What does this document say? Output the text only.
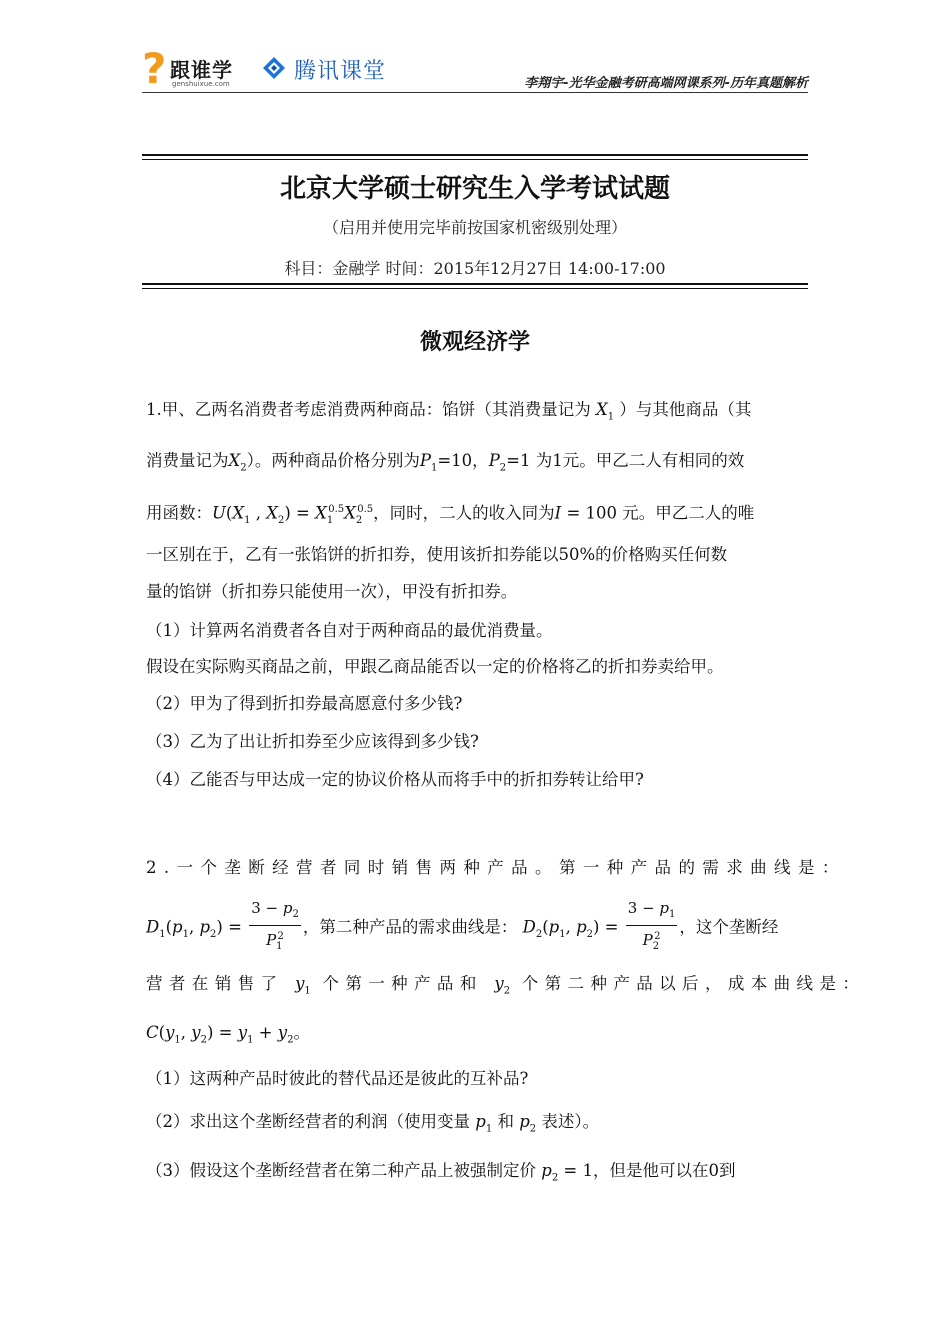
? 跟谁学
genshuixue.com	腾讯课堂	李翔宇-光华金融考研高端网课系列-历年真题解析
北京大学硕士研究生入学考试试题
（启用并使用完毕前按国家机密级别处理）
科目：金融学 时间：2015年12月27日 14:00-17:00
微观经济学
1.甲、乙两名消费者考虑消费两种商品：馅饼（其消费量记为 $X_1$ ）与其他商品（其
消费量记为$X_2$）。两种商品价格分别为$P_1=10$，$P_2=1$ 为1元。甲乙二人有相同的效
用函数：$U(X_1$ , $X_2) = X_1^{0.5}X_2^{0.5}$，同时，二人的收入同为I = 100 元。甲乙二人的唯
一区别在于，乙有一张馅饼的折扣券，使用该折扣券能以50%的价格购买任何数
量的馅饼（折扣券只能使用一次），甲没有折扣券。
（1）计算两名消费者各自对于两种商品的最优消费量。
假设在实际购买商品之前，甲跟乙商品能否以一定的价格将乙的折扣券卖给甲。
（2）甲为了得到折扣券最高愿意付多少钱?
（3）乙为了出让折扣券至少应该得到多少钱?
（4）乙能否与甲达成一定的协议价格从而将手中的折扣券转让给甲?
2.一个垄断经营者同时销售两种产品。第一种产品的需求曲线是：
$D_1(p_1$, $p_2) = \frac{3 - p_2}{P_1^2}$ ，第二种产品的需求曲线是： $D_2(p_1$, $p_2) = \frac{3 - p_1}{P_2^2}$ ，这个垄断经
营者在销售了 $y_1$ 个第一种产品和 $y_2$ 个第二种产品以后，成本曲线是：
$C(y_1$, $y_2) = y_1 + y_2$。
（1）这两种产品时彼此的替代品还是彼此的互补品?
（2）求出这个垄断经营者的利润（使用变量 $p_1$ 和 $p_2$ 表述）。
（3）假设这个垄断经营者在第二种产品上被强制定价 $p_2 = 1$，但是他可以在0到
